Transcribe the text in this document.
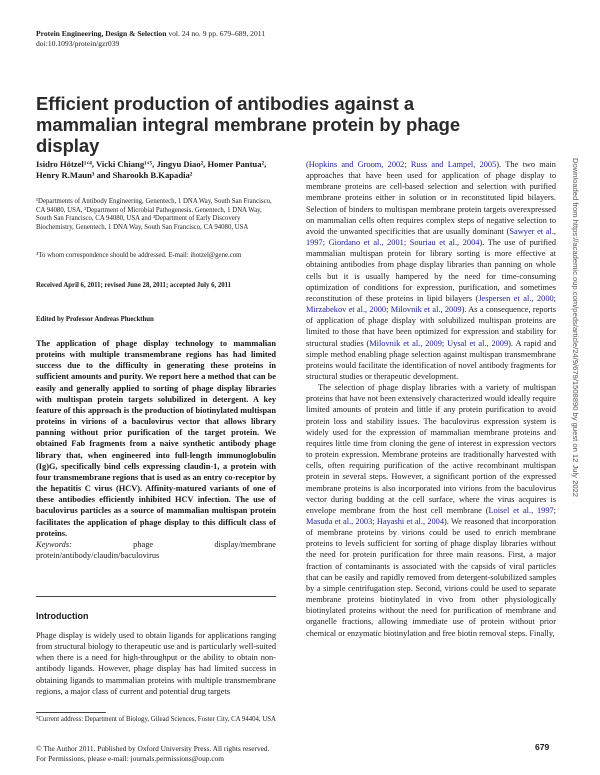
Protein Engineering, Design & Selection vol. 24 no. 9 pp. 679–689, 2011
doi:10.1093/protein/gzr039
Efficient production of antibodies against a mammalian integral membrane protein by phage display
Isidro Hötzel¹ʻ⁴, Vicki Chiang¹ʻ⁵, Jingyu Diao², Homer Pantua², Henry R.Maun³ and Sharookh B.Kapadia²
¹Departments of Antibody Engineering, Genentech, 1 DNA Way, South San Francisco, CA 94080, USA, ²Department of Microbial Pathogenesis, Genentech, 1 DNA Way, South San Francisco, CA 94080, USA and ³Department of Early Discovery Biochemistry, Genentech, 1 DNA Way, South San Francisco, CA 94080, USA
⁴To whom correspondence should be addressed. E-mail: ihotzel@gene.com
Received April 6, 2011; revised June 28, 2011; accepted July 6, 2011
Edited by Professor Andreas Plueckthun
The application of phage display technology to mammalian proteins with multiple transmembrane regions has had limited success due to the difficulty in generating these proteins in sufficient amounts and purity. We report here a method that can be easily and generally applied to sorting of phage display libraries with multispan protein targets solubilized in detergent. A key feature of this approach is the production of biotinylated multispan proteins in virions of a baculovirus vector that allows library panning without prior purification of the target protein. We obtained Fab fragments from a naive synthetic antibody phage library that, when engineered into full-length immunoglobulin (Ig)G, specifically bind cells expressing claudin-1, a protein with four transmembrane regions that is used as an entry co-receptor by the hepatitis C virus (HCV). Affinity-matured variants of one of these antibodies efficiently inhibited HCV infection. The use of baculovirus particles as a source of mammalian multispan protein facilitates the application of phage display to this difficult class of proteins.
Keywords: phage display/membrane protein/antibody/claudin/baculovirus
Introduction
Phage display is widely used to obtain ligands for applications ranging from structural biology to therapeutic use and is particularly well-suited when there is a need for high-throughput or the ability to obtain non-antibody ligands. However, phage display has had limited success in obtaining ligands to mammalian proteins with multiple transmembrane regions, a major class of current and potential drug targets
⁵Current address: Department of Biology, Gilead Sciences, Foster City, CA 94404, USA

(Hopkins and Groom, 2002; Russ and Lampel, 2005). The two main approaches that have been used for application of phage display to membrane proteins are cell-based selection and selection with purified membrane proteins either in solution or in reconstituted lipid bilayers. Selection of binders to multispan membrane protein targets overexpressed on mammalian cells often requires complex steps of negative selection to avoid the unwanted specificities that are usually dominant (Sawyer et al., 1997; Giordano et al., 2001; Souriau et al., 2004). The use of purified mammalian multispan protein for library sorting is more effective at obtaining antibodies from phage display libraries than panning on whole cells but it is usually hampered by the need for time-consuming optimization of conditions for expression, purification, and sometimes reconstitution of these proteins in lipid bilayers (Jespersen et al., 2000; Mirzabekov et al., 2000; Milovnik et al., 2009). As a consequence, reports of application of phage display with solubilized multispan proteins are limited to those that have been optimized for expression and stability for structural studies (Milovnik et al., 2009; Uysal et al., 2009). A rapid and simple method enabling phage selection against multispan transmembrane proteins would facilitate the identification of novel antibody fragments for structural studies or therapeutic development.

The selection of phage display libraries with a variety of multispan proteins that have not been extensively characterized would ideally require limited amounts of protein and little if any protein purification to avoid protein loss and stability issues. The baculovirus expression system is widely used for the expression of mammalian membrane proteins and requires little time from cloning the gene of interest in expression vectors to protein expression. Membrane proteins are traditionally harvested with cells, often requiring purification of the active recombinant multispan protein in several steps. However, a significant portion of the expressed membrane proteins is also incorporated into virions from the baculovirus vector during budding at the cell surface, where the virus acquires is envelope membrane from the host cell membrane (Loisel et al., 1997; Masuda et al., 2003; Hayashi et al., 2004). We reasoned that incorporation of membrane proteins by virions could be used to enrich membrane proteins to levels sufficient for sorting of phage display libraries without the need for protein purification for three main reasons. First, a major fraction of contaminants is associated with the capsids of viral particles that can be easily and rapidly removed from detergent-solubilized samples by a simple centrifugation step. Second, virions could be used to separate membrane proteins biotinylated in vivo from other physiologically biotinylated proteins without the need for purification of membrane and organelle fractions, allowing immediate use of protein without prior chemical or enzymatic biotinylation and free biotin removal steps. Finally,

© The Author 2011. Published by Oxford University Press. All rights reserved.
For Permissions, please e-mail: journals.permissions@oup.com
679
Downloaded from https://academic.oup.com/peds/article/24/9/679/1508890 by guest on 12 July 2022
